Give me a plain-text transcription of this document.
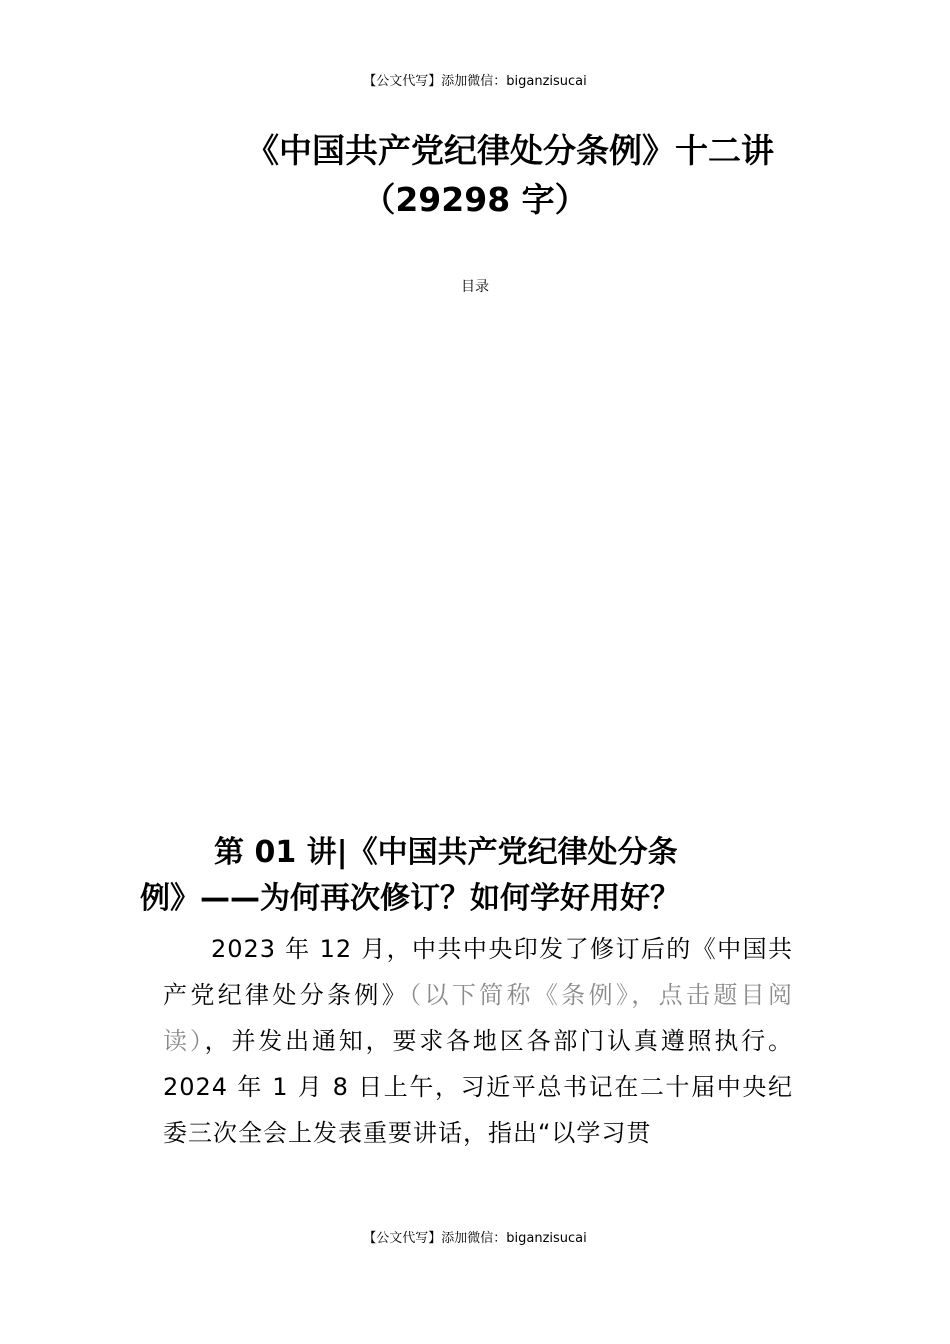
【公文代写】添加微信：biganzisucai
《中国共产党纪律处分条例》十二讲
（29298 字）
目录
第 01 讲|《中国共产党纪律处分条
例》——为何再次修订？如何学好用好？

2023 年 12 月，中共中央印发了修订后的《中国共产党纪律处分条例》（以下简称《条例》，点击题目阅读），并发出通知，要求各地区各部门认真遵照执行。2024 年 1 月 8 日上午，习近平总书记在二十届中央纪委三次全会上发表重要讲话，指出“以学习贯

【公文代写】添加微信：biganzisucai
